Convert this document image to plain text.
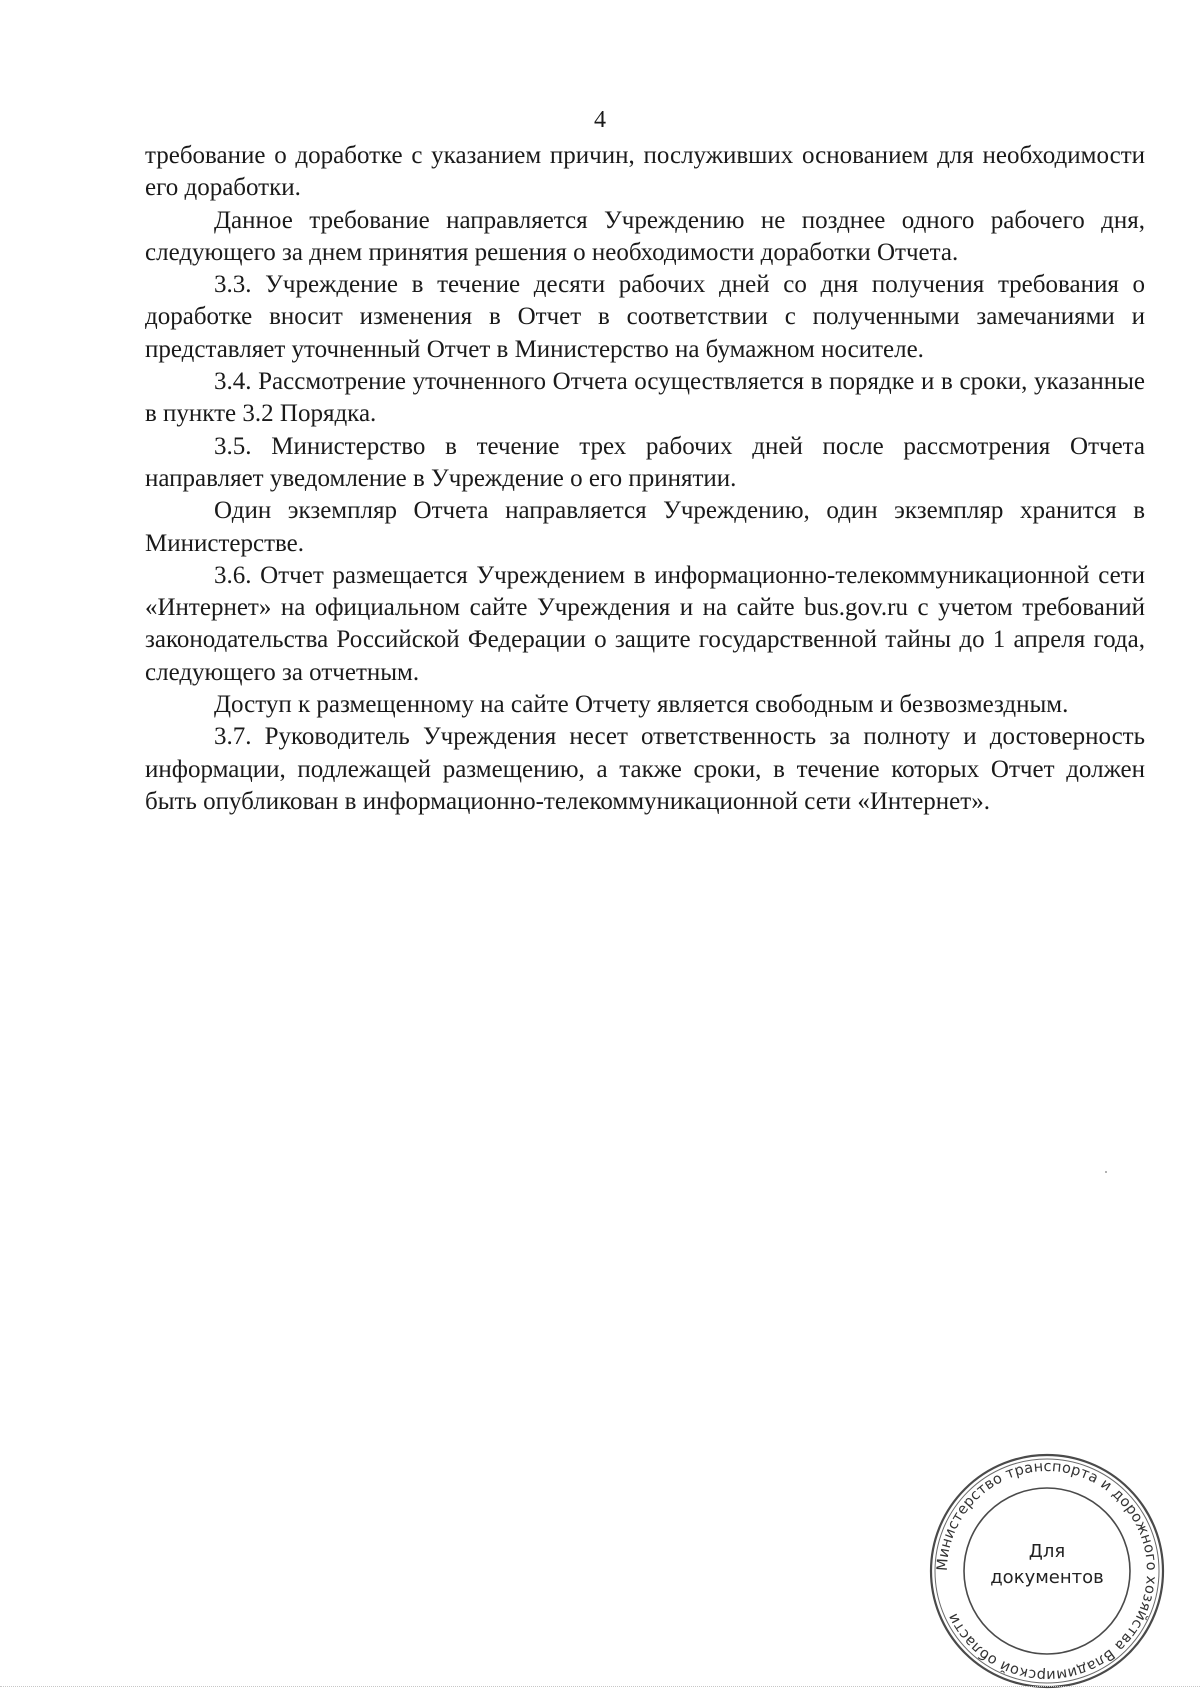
4

требование о доработке с указанием причин, послуживших основанием для необходимости его доработки.

Данное требование направляется Учреждению не позднее одного рабочего дня, следующего за днем принятия решения о необходимости доработки Отчета.

3.3. Учреждение в течение десяти рабочих дней со дня получения требования о доработке вносит изменения в Отчет в соответствии с полученными замечаниями и представляет уточненный Отчет в Министерство на бумажном носителе.

3.4. Рассмотрение уточненного Отчета осуществляется в порядке и в сроки, указанные в пункте 3.2 Порядка.

3.5. Министерство в течение трех рабочих дней после рассмотрения Отчета направляет уведомление в Учреждение о его принятии.

Один экземпляр Отчета направляется Учреждению, один экземпляр хранится в Министерстве.

3.6. Отчет размещается Учреждением в информационно-телекоммуникационной сети «Интернет» на официальном сайте Учреждения и на сайте bus.gov.ru с учетом требований законодательства Российской Федерации о защите государственной тайны до 1 апреля года, следующего за отчетным.

Доступ к размещенному на сайте Отчету является свободным и безвозмездным.

3.7. Руководитель Учреждения несет ответственность за полноту и достоверность информации, подлежащей размещению, а также сроки, в течение которых Отчет должен быть опубликован в информационно-телекоммуникационной сети «Интернет».

Министерство транспорта и дорожного хозяйства Владимирской области
Для
документов
